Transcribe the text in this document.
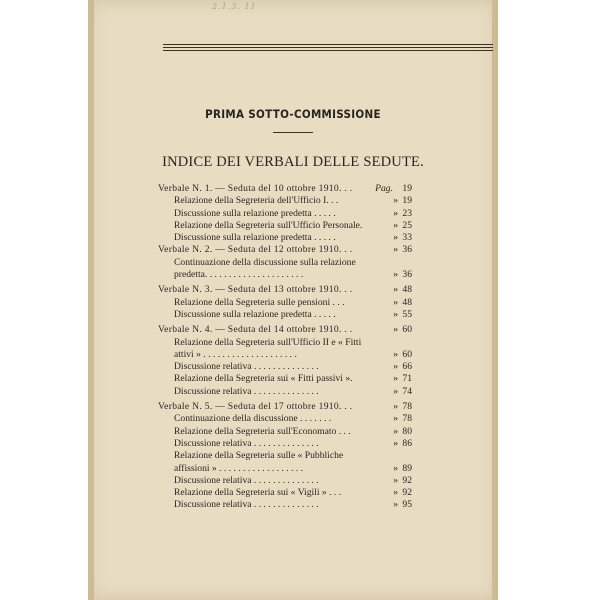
2.1.3. 11
PRIMA SOTTO-COMMISSIONE
INDICE DEI VERBALI DELLE SEDUTE.
Verbale N. 1. — Seduta del 10 ottobre 1910. . . Pag. 19
Relazione della Segreteria dell'Ufficio I. . .	» 19
Discussione sulla relazione predetta . . . . .	» 23
Relazione della Segreteria sull'Ufficio Personale.	» 25
Discussione sulla relazione predetta . . . . .	» 33
Verbale N. 2. — Seduta del 12 ottobre 1910. . .	» 36
Continuazione della discussione sulla relazione
predetta. . . . . . . . . . . . . . . . . . . . .	» 36
Verbale N. 3. — Seduta del 13 ottobre 1910. . .	» 48
Relazione della Segreteria sulle pensioni . . .	» 48
Discussione sulla relazione predetta . . . . .	» 55
Verbale N. 4. — Seduta del 14 ottobre 1910. . .	» 60
Relazione della Segreteria sull'Ufficio II e « Fitti
attivi » . . . . . . . . . . . . . . . . . . . .	» 60
Discussione relativa . . . . . . . . . . . . . .	» 66
Relazione della Segreteria sui « Fitti passivi ».	» 71
Discussione relativa . . . . . . . . . . . . . .	» 74
Verbale N. 5. — Seduta del 17 ottobre 1910. . .	» 78
Continuazione della discussione . . . . . . .	» 78
Relazione della Segreteria sull'Economato . . .	» 80
Discussione relativa . . . . . . . . . . . . . .	» 86
Relazione della Segreteria sulle « Pubbliche
affissioni » . . . . . . . . . . . . . . . . . .	» 89
Discussione relativa . . . . . . . . . . . . . .	» 92
Relazione della Segreteria sui « Vigili » . . .	» 92
Discussione relativa . . . . . . . . . . . . . .	» 95
